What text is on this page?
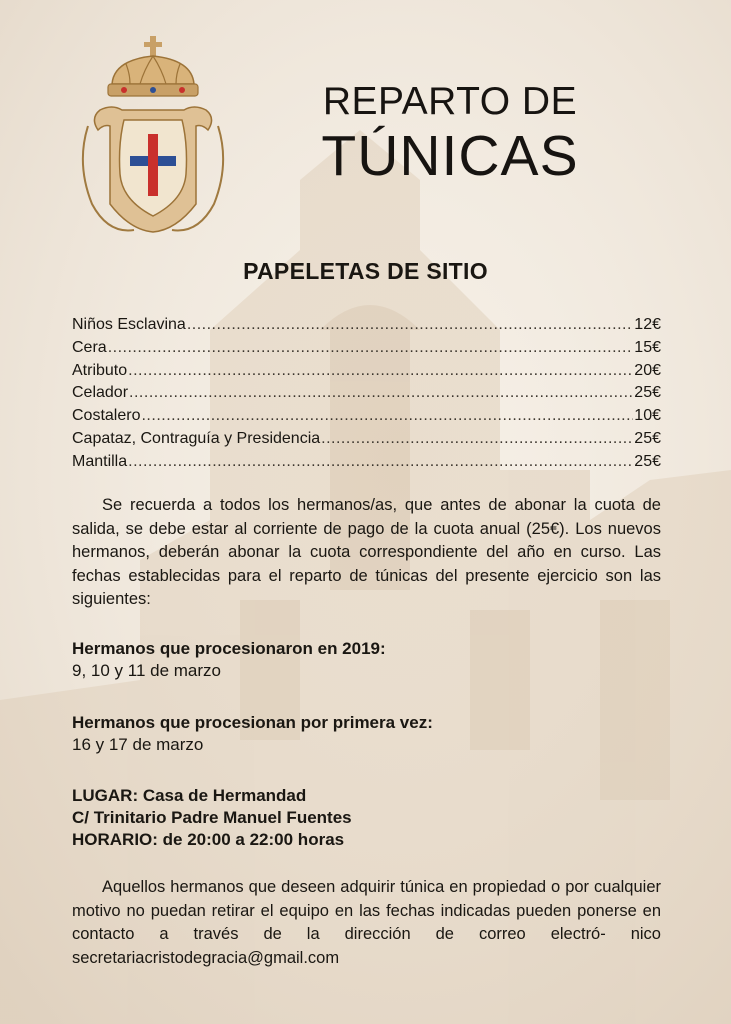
REPARTO DE
TÚNICAS
PAPELETAS DE SITIO
Niños Esclavina .....	12€
Cera .....	15€
Atributo .....	20€
Celador .....	25€
Costalero .....	10€
Capataz, Contraguía y Presidencia .....	25€
Mantilla .....	25€

Se recuerda a todos los hermanos/as, que antes de abonar la cuota de salida, se debe estar al corriente de pago de la cuota anual (25€). Los nuevos hermanos, deberán abonar la cuota correspondiente del año en curso. Las fechas establecidas para el reparto de túnicas del presente ejercicio son las siguientes:

Hermanos que procesionaron en 2019:
9, 10 y 11 de marzo
Hermanos que procesionan por primera vez:
16 y 17 de marzo
LUGAR: Casa de Hermandad
C/ Trinitario Padre Manuel Fuentes
HORARIO: de 20:00 a 22:00 horas

Aquellos hermanos que deseen adquirir túnica en propiedad o por cualquier motivo no puedan retirar el equipo en las fechas indicadas pueden ponerse en contacto a través de la dirección de correo electró- nico secretariacristodegracia@gmail.com
